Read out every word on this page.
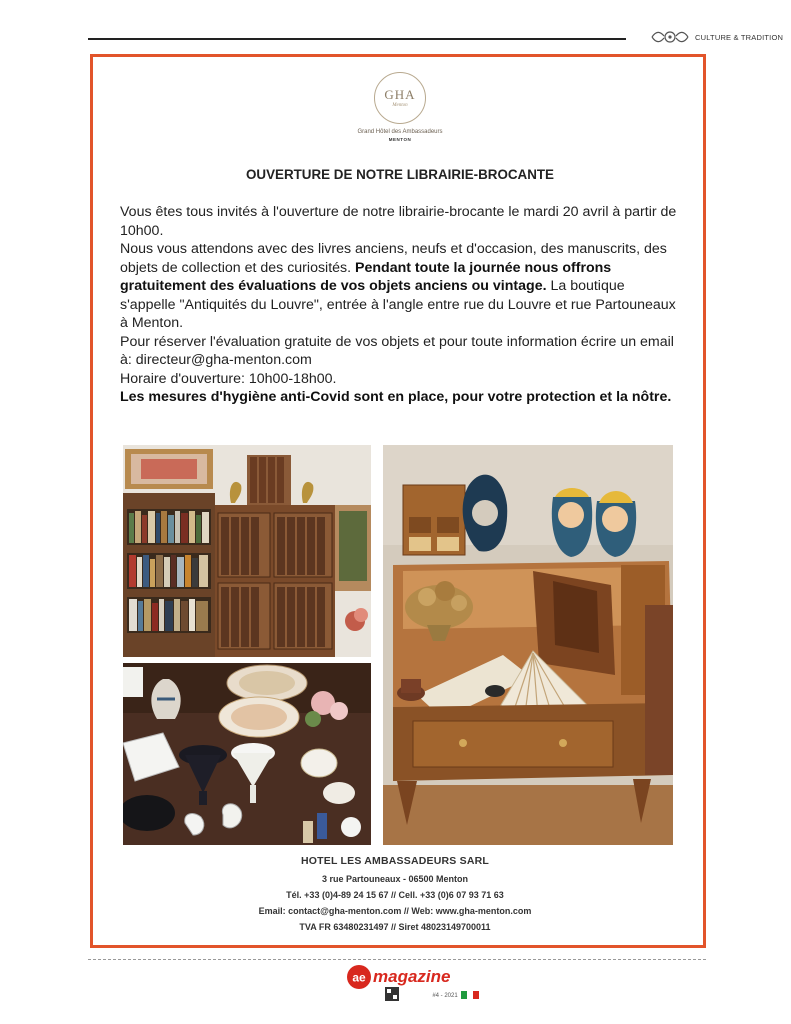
CULTURE & TRADITION
GHA
Menton
Grand Hôtel des Ambassadeurs
MENTON
OUVERTURE DE NOTRE LIBRAIRIE-BROCANTE

Vous êtes tous invités à l'ouverture de notre librairie-brocante le mardi 20 avril à partir de 10h00.

Nous vous attendons avec des livres anciens, neufs et d'occasion, des manuscrits, des objets de collection et des curiosités. Pendant toute la journée nous offrons gratuitement des évaluations de vos objets anciens ou vintage. La boutique s'appelle "Antiquités du Louvre", entrée à l'angle entre rue du Louvre et rue Partouneaux à Menton.

Pour réserver l'évaluation gratuite de vos objets et pour toute information écrire un email à: directeur@gha-menton.com

Horaire d'ouverture: 10h00-18h00.

Les mesures d'hygiène anti-Covid sont en place, pour votre protection et la nôtre.

HOTEL LES AMBASSADEURS SARL
3 rue Partouneaux - 06500 Menton
Tél. +33 (0)4-89 24 15 67 // Cell. +33 (0)6 07 93 71 63
Email: contact@gha-menton.com // Web: www.gha-menton.com
TVA FR 63480231497 // Siret 48023149700011
ae magazine
#4 - 2021
